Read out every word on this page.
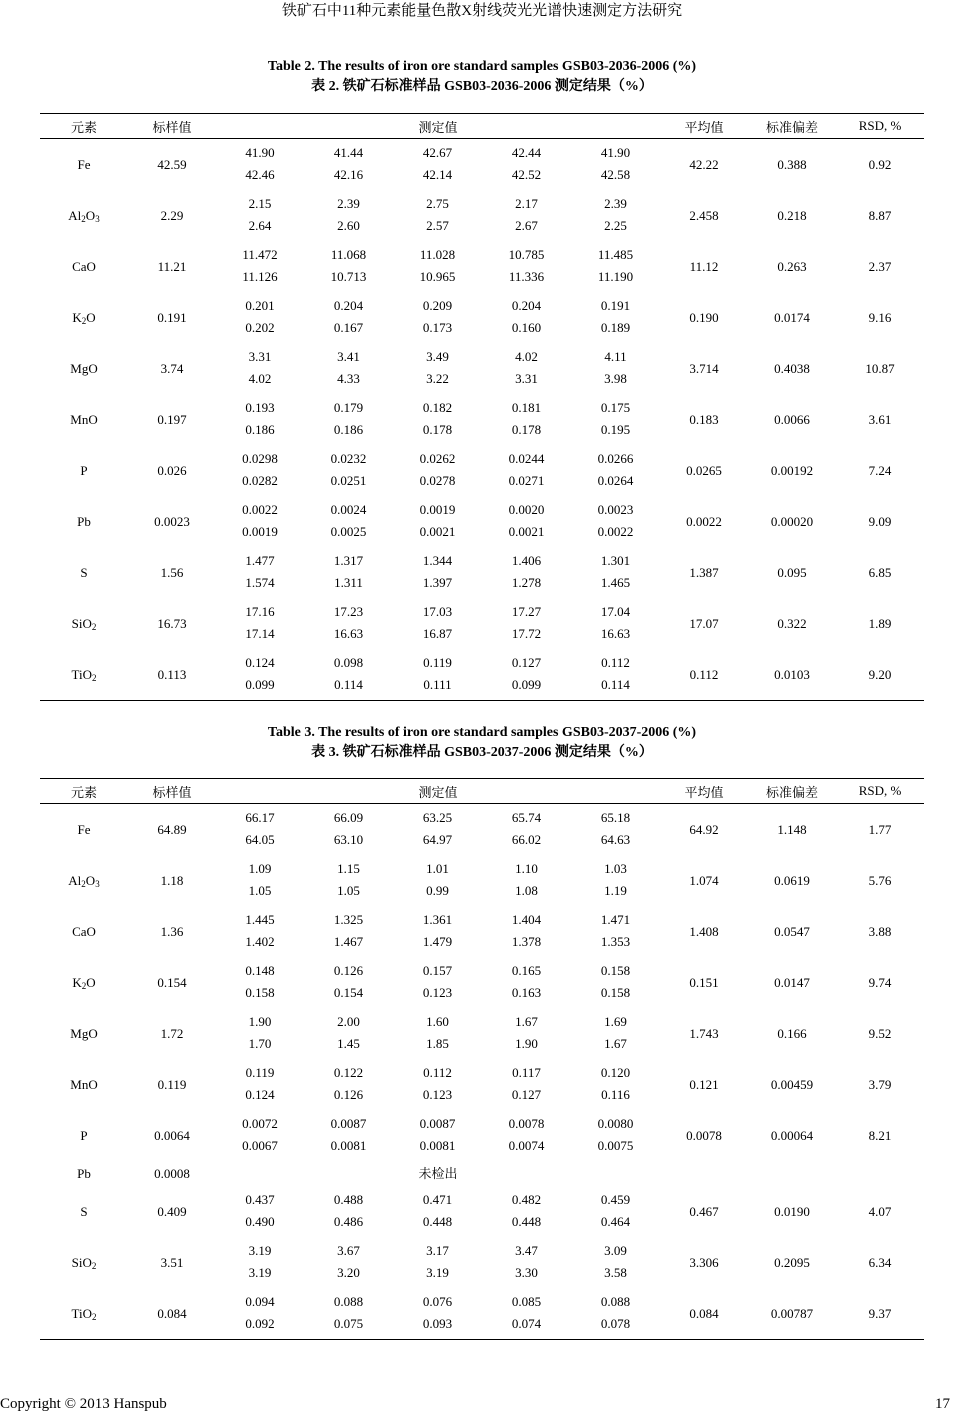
铁矿石中11种元素能量色散X射线荧光光谱快速测定方法研究
Table 2. The results of iron ore standard samples GSB03-2036-2006 (%)
表 2. 铁矿石标准样品 GSB03-2036-2006 测定结果（%）
元素	标样值	测定值					平均值	标准偏差	RSD, %
Fe	42.59	41.90	41.44	42.67	42.44	41.90	42.22	0.388	0.92
		42.46	42.16	42.14	42.52	42.58			
$Al_2O_3$	2.29	2.15	2.39	2.75	2.17	2.39	2.458	0.218	8.87
		2.64	2.60	2.57	2.67	2.25			
CaO	11.21	11.472	11.068	11.028	10.785	11.485	11.12	0.263	2.37
		11.126	10.713	10.965	11.336	11.190			
$K_2O$	0.191	0.201	0.204	0.209	0.204	0.191	0.190	0.0174	9.16
		0.202	0.167	0.173	0.160	0.189			
MgO	3.74	3.31	3.41	3.49	4.02	4.11	3.714	0.4038	10.87
		4.02	4.33	3.22	3.31	3.98			
MnO	0.197	0.193	0.179	0.182	0.181	0.175	0.183	0.0066	3.61
		0.186	0.186	0.178	0.178	0.195			
P	0.026	0.0298	0.0232	0.0262	0.0244	0.0266	0.0265	0.00192	7.24
		0.0282	0.0251	0.0278	0.0271	0.0264			
Pb	0.0023	0.0022	0.0024	0.0019	0.0020	0.0023	0.0022	0.00020	9.09
		0.0019	0.0025	0.0021	0.0021	0.0022			
S	1.56	1.477	1.317	1.344	1.406	1.301	1.387	0.095	6.85
		1.574	1.311	1.397	1.278	1.465			
SiO$_2$	16.73	17.16	17.23	17.03	17.27	17.04	17.07	0.322	1.89
		17.14	16.63	16.87	17.72	16.63			
TiO$_2$	0.113	0.124	0.098	0.119	0.127	0.112	0.112	0.0103	9.20
		0.099	0.114	0.111	0.099	0.114			
Table 3. The results of iron ore standard samples GSB03-2037-2006 (%)
表 3. 铁矿石标准样品 GSB03-2037-2006 测定结果（%）
元素	标样值	测定值					平均值	标准偏差	RSD, %
Fe	64.89	66.17	66.09	63.25	65.74	65.18	64.92	1.148	1.77
		64.05	63.10	64.97	66.02	64.63			
$Al_2O_3$	1.18	1.09	1.15	1.01	1.10	1.03	1.074	0.0619	5.76
		1.05	1.05	0.99	1.08	1.19			
CaO	1.36	1.445	1.325	1.361	1.404	1.471	1.408	0.0547	3.88
		1.402	1.467	1.479	1.378	1.353			
$K_2O$	0.154	0.148	0.126	0.157	0.165	0.158	0.151	0.0147	9.74
		0.158	0.154	0.123	0.163	0.158			
MgO	1.72	1.90	2.00	1.60	1.67	1.69	1.743	0.166	9.52
		1.70	1.45	1.85	1.90	1.67			
MnO	0.119	0.119	0.122	0.112	0.117	0.120	0.121	0.00459	3.79
		0.124	0.126	0.123	0.127	0.116			
P	0.0064	0.0072	0.0087	0.0087	0.0078	0.0080	0.0078	0.00064	8.21
		0.0067	0.0081	0.0081	0.0074	0.0075			
Pb	0.0008	未检出							
S	0.409	0.437	0.488	0.471	0.482	0.459	0.467	0.0190	4.07
		0.490	0.486	0.448	0.448	0.464			
SiO$_2$	3.51	3.19	3.67	3.17	3.47	3.09	3.306	0.2095	6.34
		3.19	3.20	3.19	3.30	3.58			
TiO$_2$	0.084	0.094	0.088	0.076	0.085	0.088	0.084	0.00787	9.37
		0.092	0.075	0.093	0.074	0.078			
Copyright © 2013 Hanspub	17
